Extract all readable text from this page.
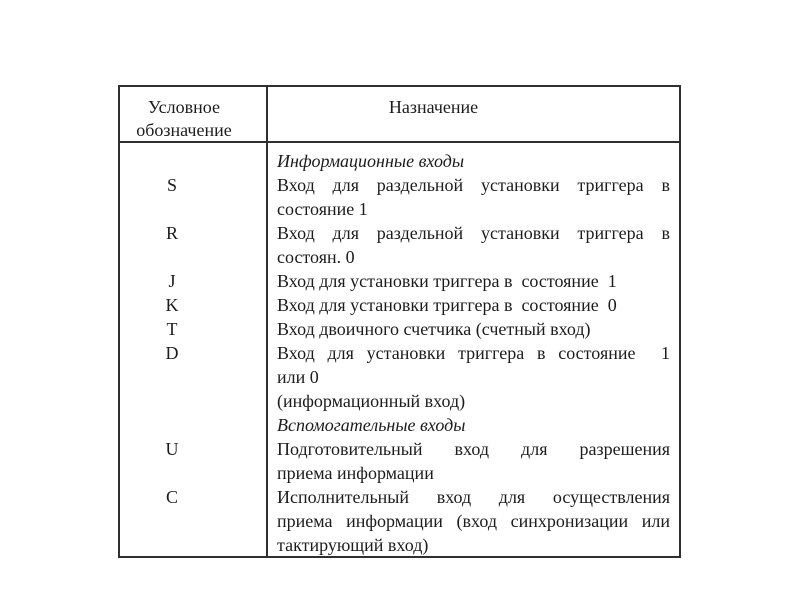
Условное обозначение
Назначение

S

R

J
K
T
D

U

C

Информационные входы
Вход для раздельной установки триггера в
состояние 1
Вход для раздельной установки триггера в
состоян. 0
Вход для установки триггера в  состояние  1
Вход для установки триггера в  состояние  0
Вход двоичного счетчика (счетный вход)
Вход для установки триггера в состояние  1
или 0
(информационный вход)
Вспомогательные входы
Подготовительный вход для разрешения
приема информации
Исполнительный вход для осуществления
приема информации (вход синхронизации или
тактирующий вход)
